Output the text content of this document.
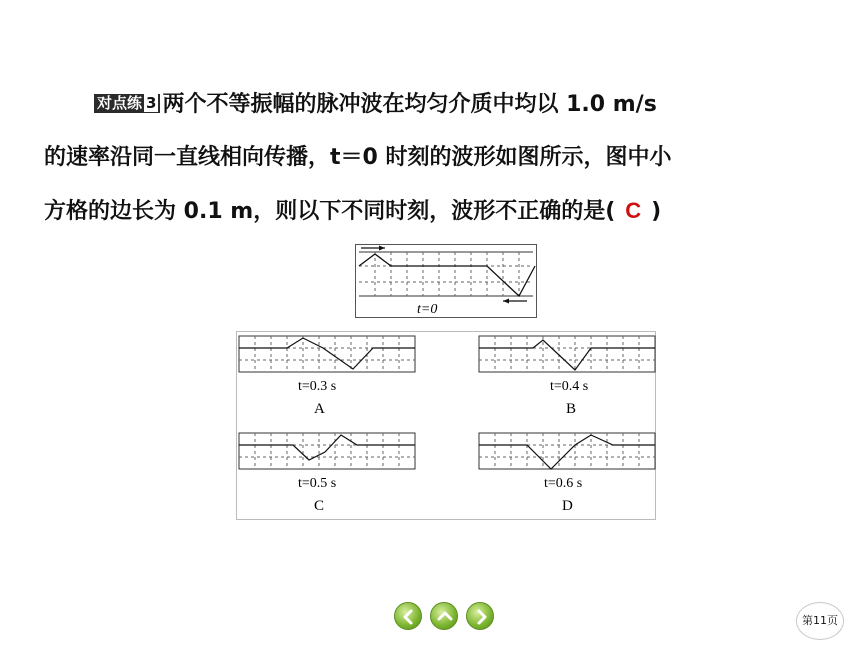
对点练 3 两个不等振幅的脉冲波在均匀介质中均以 1.0 m/s
的速率沿同一直线相向传播，t＝0 时刻的波形如图所示，图中小
方格的边长为 0.1 m，则以下不同时刻，波形不正确的是( C )
t=0
t=0.3 s
A
t=0.4 s
B
t=0.5 s
C
t=0.6 s
D
第11页
